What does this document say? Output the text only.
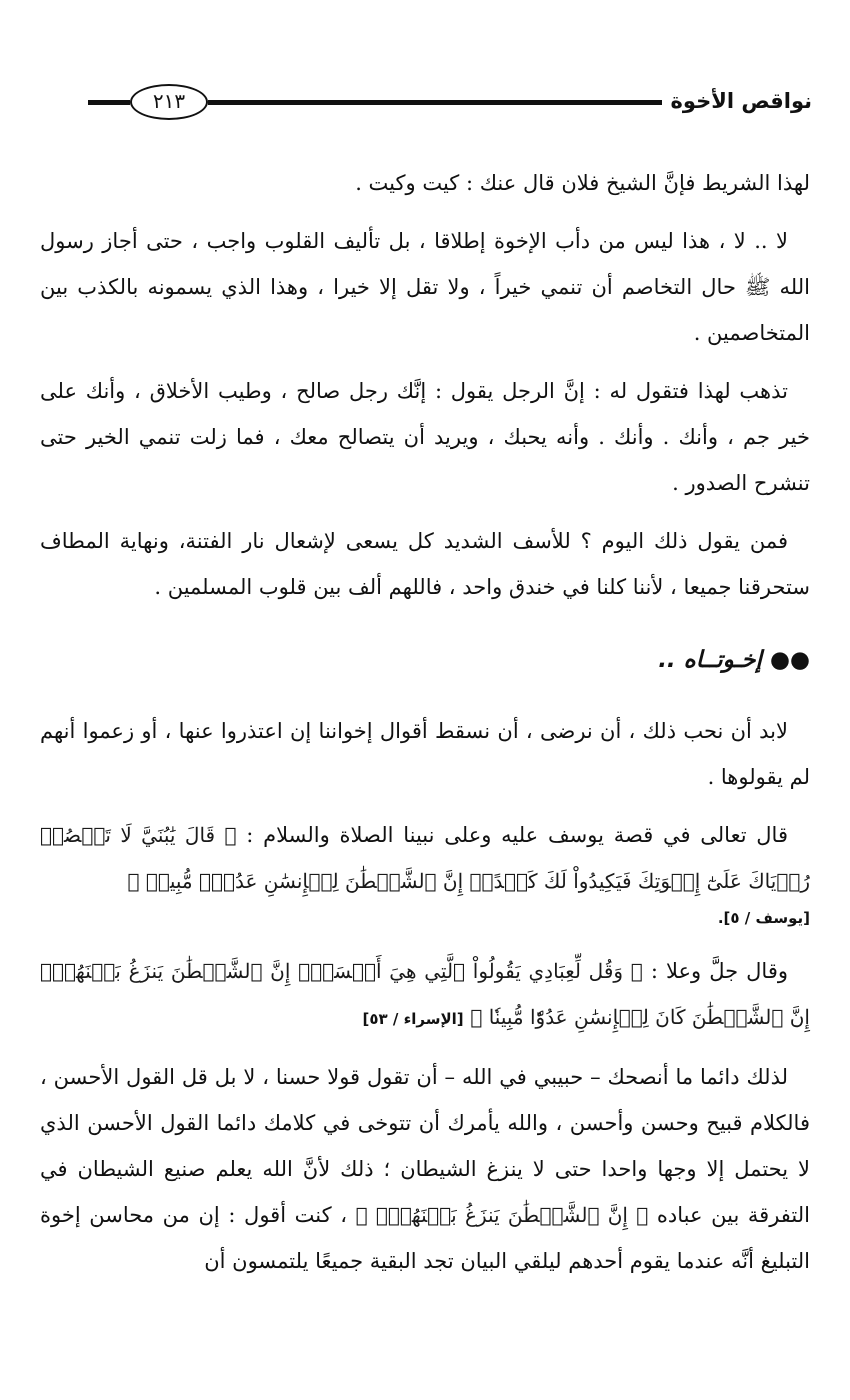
نواقص الأخوة
٢١٣

لهذا الشريط فإنَّ الشيخ فلان قال عنك : كيت وكيت .

لا .. لا ، هذا ليس من دأب الإخوة إطلاقا ، بل تأليف القلوب واجب ، حتى أجاز رسول الله ﷺ حال التخاصم أن تنمي خيراً ، ولا تقل إلا خيرا ، وهذا الذي يسمونه بالكذب بين المتخاصمين .

تذهب لهذا فتقول له : إنَّ الرجل يقول : إنَّك رجل صالح ، وطيب الأخلاق ، وأنك على خير جم ، وأنك . وأنك . وأنه يحبك ، ويريد أن يتصالح معك ، فما زلت تنمي الخير حتى تنشرح الصدور .

فمن يقول ذلك اليوم ؟ للأسف الشديد كل يسعى لإشعال نار الفتنة، ونهاية المطاف ستحرقنا جميعا ، لأننا كلنا في خندق واحد ، فاللهم ألف بين قلوب المسلمين .

●● إخـوتــاه ..

لابد أن نحب ذلك ، أن نرضى ، أن نسقط أقوال إخواننا إن اعتذروا عنها ، أو زعموا أنهم لم يقولوها .

قال تعالى في قصة يوسف عليه وعلى نبينا الصلاة والسلام : ﴿ قَالَ يَٰبُنَيَّ لَا تَقۡصُصۡ رُءۡيَاكَ عَلَىٰٓ إِخۡوَتِكَ فَيَكِيدُواْ لَكَ كَيۡدًاۖ إِنَّ ٱلشَّيۡطَٰنَ لِلۡإِنسَٰنِ عَدُوّٞ مُّبِينٞ ﴾

[يوسف / ٥].

وقال جلَّ وعلا : ﴿ وَقُل لِّعِبَادِي يَقُولُواْ ٱلَّتِي هِيَ أَحۡسَنُۚ إِنَّ ٱلشَّيۡطَٰنَ يَنزَغُ بَيۡنَهُمۡۚ إِنَّ ٱلشَّيۡطَٰنَ كَانَ لِلۡإِنسَٰنِ عَدُوّٗا مُّبِينٗا ﴾ [الإسراء / ٥٣]

لذلك دائما ما أنصحك – حبيبي في الله – أن تقول قولا حسنا ، لا بل قل القول الأحسن ، فالكلام قبيح وحسن وأحسن ، والله يأمرك أن تتوخى في كلامك دائما القول الأحسن الذي لا يحتمل إلا وجها واحدا حتى لا ينزغ الشيطان ؛ ذلك لأنَّ الله يعلم صنيع الشيطان في التفرقة بين عباده ﴿ إِنَّ ٱلشَّيۡطَٰنَ يَنزَغُ بَيۡنَهُمۡۚ ﴾ ، كنت أقول : إن من محاسن إخوة التبليغ أنَّه عندما يقوم أحدهم ليلقي البيان تجد البقية جميعًا يلتمسون أن
